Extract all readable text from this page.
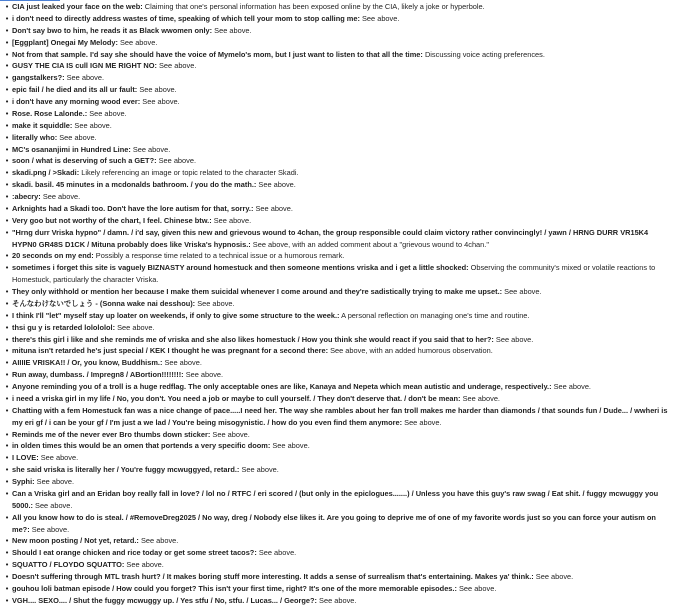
• CIA just leaked your face on the web: Claiming that one's personal information has been exposed online by the CIA, likely a joke or hyperbole.
• i don't need to directly address wastes of time, speaking of which tell your mom to stop calling me: See above.
• Don't say bwo to him, he reads it as Black wwomen only: See above.
• [Eggplant] Onegai My Melody: See above.
• Not from that sample. I'd say she should have the voice of Mymelo's mom, but I just want to listen to that all the time: Discussing voice acting preferences.
• GUSY THE CIA IS cull IGN ME RIGHT NO: See above.
• gangstalkers?: See above.
• epic fail / he died and its all ur fault: See above.
• i don't have any morning wood ever: See above.
• Rose. Rose Lalonde.: See above.
• make it squiddle: See above.
• literally who: See above.
• MC's osananjimi in Hundred Line: See above.
• soon / what is deserving of such a GET?: See above.
• skadi.png / >Skadi: Likely referencing an image or topic related to the character Skadi.
• skadi. basil. 45 minutes in a mcdonalds bathroom. / you do the math.: See above.
• :abecry: See above.
• Arknights had a Skadi too. Don't have the lore autism for that, sorry.: See above.
• Very goo but not worthy of the chart, I feel. Chinese btw.: See above.
• "Hrng durr Vriska hypno" / damn. / i'd say, given this new and grievous wound to 4chan, the group responsible could claim victory rather convincingly! / yawn / HRNG DURR VR15K4 HYPN0 GR48S D1CK / Mituna probably does like Vriska's hypnosis.: See above, with an added comment about a "grievous wound to 4chan."
• 20 seconds on my end: Possibly a response time related to a technical issue or a humorous remark.
• sometimes i forget this site is vaguely BIZNASTY around homestuck and then someone mentions vriska and i get a little shocked: Observing the community's mixed or volatile reactions to Homestuck, particularly the character Vriska.
• They only withhold or mention her because I make them suicidal whenever I come around and they're sadistically trying to make me upset.: See above.
• そんなわけないでしょう - (Sonna wake nai desshou): See above.
• I think I'll "let" myself stay up loater on weekends, if only to give some structure to the week.: A personal reflection on managing one's time and routine.
• thsi gu y is retarded lolololol: See above.
• there's this girl i like and she reminds me of vriska and she also likes homestuck / How you think she would react if you said that to her?: See above.
• mituna isn't retarded he's just special / KEK I thought he was pregnant for a second there: See above, with an added humorous observation.
• AIIIIE VRISKA!! / Or, you know, Buddhism.: See above.
• Run away, dumbass. / Impregn8 / ABortion!!!!!!!!: See above.
• Anyone reminding you of a troll is a huge redflag. The only acceptable ones are like, Kanaya and Nepeta which mean autistic and underage, respectively.: See above.
• i need a vriska girl in my life / No, you don't. You need a job or maybe to cull yourself. / They don't deserve that. / don't be mean: See above.
• Chatting with a fem Homestuck fan was a nice change of pace.....I need her. The way she rambles about her fan troll makes me harder than diamonds / that sounds fun / Dude... / wwheri is my eri gf / i can be your gf / I'm just a we lad / You're being misogynistic. / how do you even find them anymore: See above.
• Reminds me of the never ever Bro thumbs down sticker: See above.
• in olden times this would be an omen that portends a very specific doom: See above.
• I LOVE: See above.
• she said vriska is literally her / You're fuggy mcwuggyed, retard.: See above.
• Syphi: See above.
• Can a Vriska girl and an Eridan boy really fall in love? / lol no / RTFC / eri scored / (but only in the epiclogues.......) / Unless you have this guy's raw swag / Eat shit. / fuggy mcwuggy you 5000.: See above.
• All you know how to do is steal. / #RemoveDreg2025 / No way, dreg / Nobody else likes it. Are you going to deprive me of one of my favorite words just so you can force your autism on me?: See above.
• New moon posting / Not yet, retard.: See above.
• Should I eat orange chicken and rice today or get some street tacos?: See above.
• SQUATTO / FLOYDO SQUATTO: See above.
• Doesn't suffering through MTL trash hurt? / It makes boring stuff more interesting. It adds a sense of surrealism that's entertaining. Makes ya' think.: See above.
• gouhou loli batman episode / How could you forget? This isn't your first time, right? It's one of the more memorable episodes.: See above.
• VGH.... SEXO.... / Shut the fuggy mcwuggy up. / Yes stfu / No, stfu. / Lucas... / George?: See above.
